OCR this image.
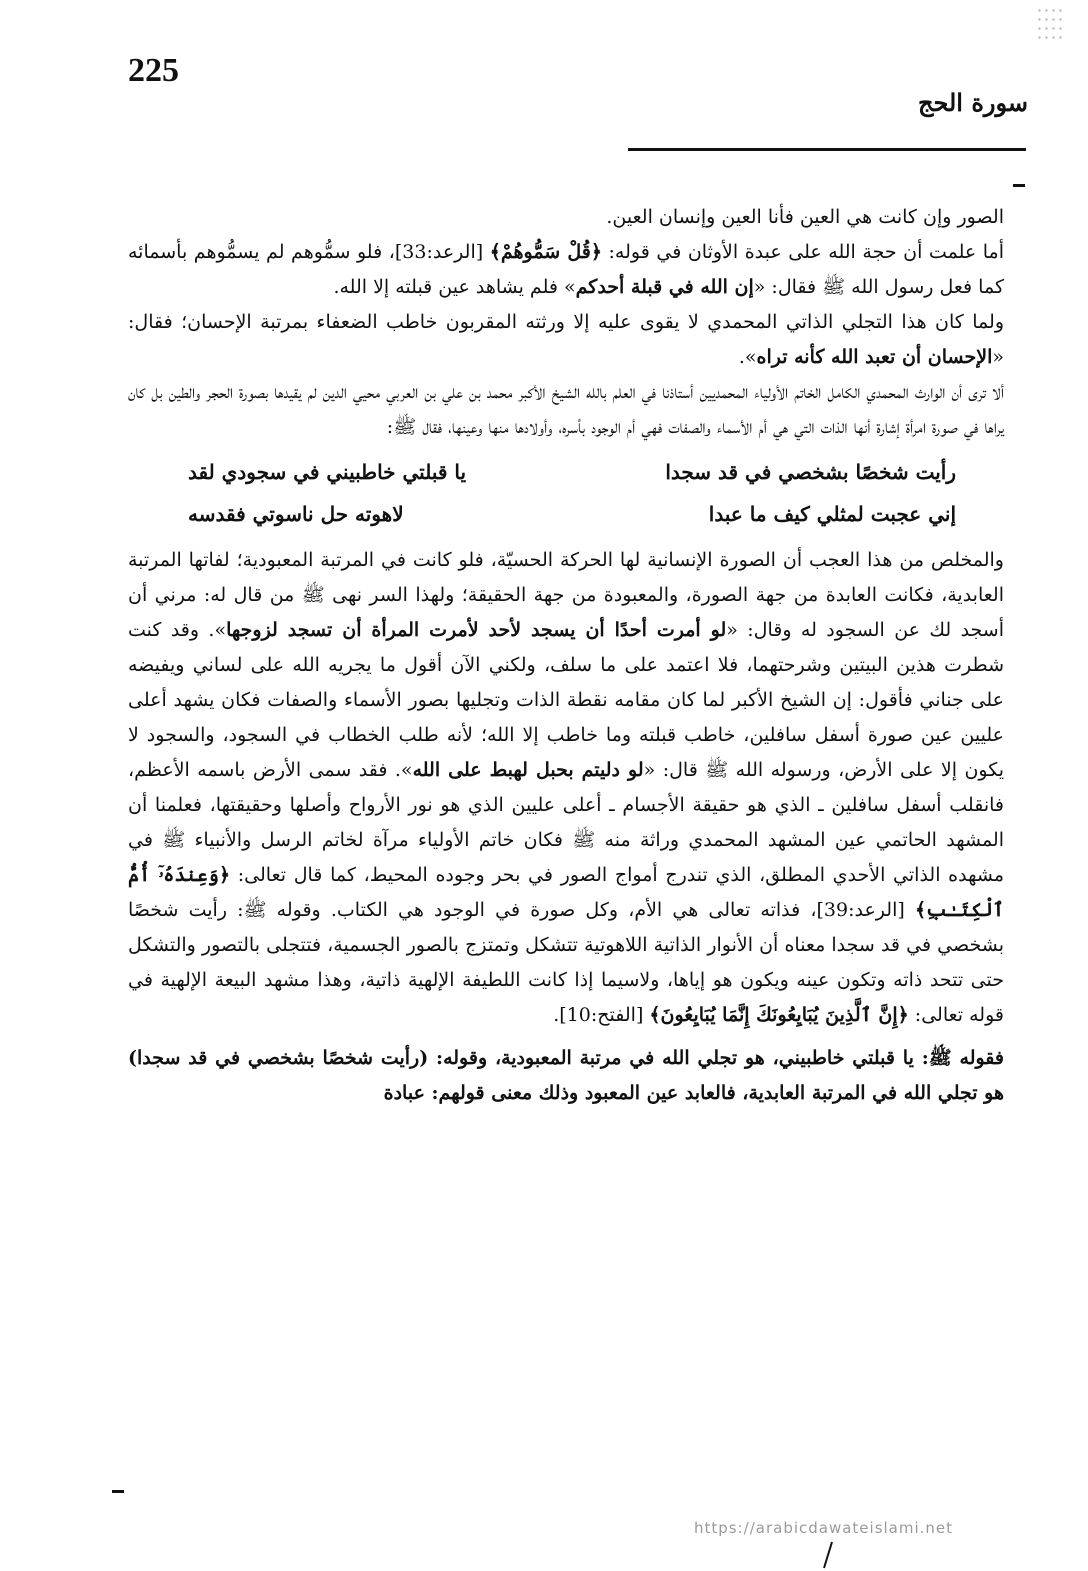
225
سورة الحج

الصور وإن كانت هي العين فأنا العين وإنسان العين.

أما علمت أن حجة الله على عبدة الأوثان في قوله: ﴿قُلْ سَمُّوهُمْ﴾ [الرعد:33]، فلو سمُّوهم لم يسمُّوهم بأسمائه كما فعل رسول الله ﷺ فقال: «إن الله في قبلة أحدكم» فلم يشاهد عين قبلته إلا الله.

ولما كان هذا التجلي الذاتي المحمدي لا يقوى عليه إلا ورثته المقربون خاطب الضعفاء بمرتبة الإحسان؛ فقال: «الإحسان أن تعبد الله كأنه تراه».

ألا ترى أن الوارث المحمدي الكامل الخاتم الأولياء المحمديين أستاذنا في العلم بالله الشيخ الأكبر محمد بن علي بن العربي محيي الدين لم يقيدها بصورة الحجر والطين بل كان يراها في صورة امرأة إشارة أنها الذات التي هي أم الأسماء والصفات فهي أم الوجود بأسره، وأولادها منها وعينها، فقال ﷺ:

رأيت شخصًا بشخصي في قد سجدا
يا قبلتي خاطبيني في سجودي لقد
إني عجبت لمثلي كيف ما عبدا
لاهوته حل ناسوتي فقدسه

والمخلص من هذا العجب أن الصورة الإنسانية لها الحركة الحسيّة، فلو كانت في المرتبة المعبودية؛ لفاتها المرتبة العابدية، فكانت العابدة من جهة الصورة، والمعبودة من جهة الحقيقة؛ ولهذا السر نهى ﷺ من قال له: مرني أن أسجد لك عن السجود له وقال: «لو أمرت أحدًا أن يسجد لأحد لأمرت المرأة أن تسجد لزوجها». وقد كنت شطرت هذين البيتين وشرحتهما، فلا اعتمد على ما سلف، ولكني الآن أقول ما يجريه الله على لساني ويفيضه على جناني فأقول: إن الشيخ الأكبر لما كان مقامه نقطة الذات وتجليها بصور الأسماء والصفات فكان يشهد أعلى عليين عين صورة أسفل سافلين، خاطب قبلته وما خاطب إلا الله؛ لأنه طلب الخطاب في السجود، والسجود لا يكون إلا على الأرض، ورسوله الله ﷺ قال: «لو دليتم بحبل لهبط على الله». فقد سمى الأرض باسمه الأعظم، فانقلب أسفل سافلين ـ الذي هو حقيقة الأجسام ـ أعلى عليين الذي هو نور الأرواح وأصلها وحقيقتها، فعلمنا أن المشهد الحاتمي عين المشهد المحمدي وراثة منه ﷺ فكان خاتم الأولياء مرآة لخاتم الرسل والأنبياء ﷺ في مشهده الذاتي الأحدي المطلق، الذي تندرج أمواج الصور في بحر وجوده المحيط، كما قال تعالى: ﴿وَعِندَهُۥٓ أُمُّ ٱلْكِتَـٰبِ﴾ [الرعد:39]، فذاته تعالى هي الأم، وكل صورة في الوجود هي الكتاب. وقوله ﷺ: رأيت شخصًا بشخصي في قد سجدا معناه أن الأنوار الذاتية اللاهوتية تتشكل وتمتزج بالصور الجسمية، فتتجلى بالتصور والتشكل حتى تتحد ذاته وتكون عينه ويكون هو إياها، ولاسيما إذا كانت اللطيفة الإلهية ذاتية، وهذا مشهد البيعة الإلهية في قوله تعالى: ﴿إِنَّ ٱلَّذِينَ يُبَايِعُونَكَ إِنَّمَا يُبَايِعُونَ﴾ [الفتح:10].

فقوله ﷺ: يا قبلتي خاطبيني، هو تجلي الله في مرتبة المعبودية، وقوله: (رأيت شخصًا بشخصي في قد سجدا) هو تجلي الله في المرتبة العابدية، فالعابد عين المعبود وذلك معنى قولهم: عبادة

https://arabicdawateislami.net
